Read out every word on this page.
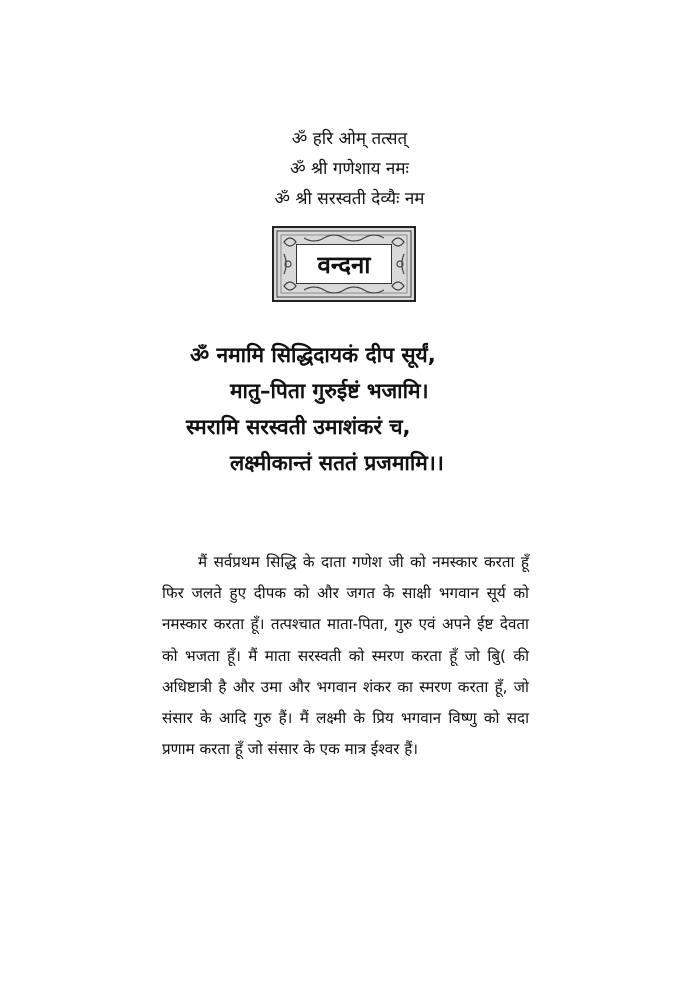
ॐ हरि ओम् तत्सत्
ॐ श्री गणेशाय नमः
ॐ श्री सरस्वती देव्यैः नम
वन्दना
ॐ नमामि सिद्धिदायकं दीप सूर्यं,
मातु–पिता गुरुईष्टं भजामि।
स्मरामि सरस्वती उमाशंकरं च,
लक्ष्मीकान्तं सततं प्रजमामि।।
मैं सर्वप्रथम सिद्धि के दाता गणेश जी को नमस्कार करता हूँ फिर जलते हुए दीपक को और जगत के साक्षी भगवान सूर्य को नमस्कार करता हूँ। तत्पश्चात माता-पिता, गुरु एवं अपने ईष्ट देवता को भजता हूँ। मैं माता सरस्वती को स्मरण करता हूँ जो बुि( की अधिष्टात्री है और उमा और भगवान शंकर का स्मरण करता हूँ, जो संसार के आदि गुरु हैं। मैं लक्ष्मी के प्रिय भगवान विष्णु को सदा प्रणाम करता हूँ जो संसार के एक मात्र ईश्वर हैं।
